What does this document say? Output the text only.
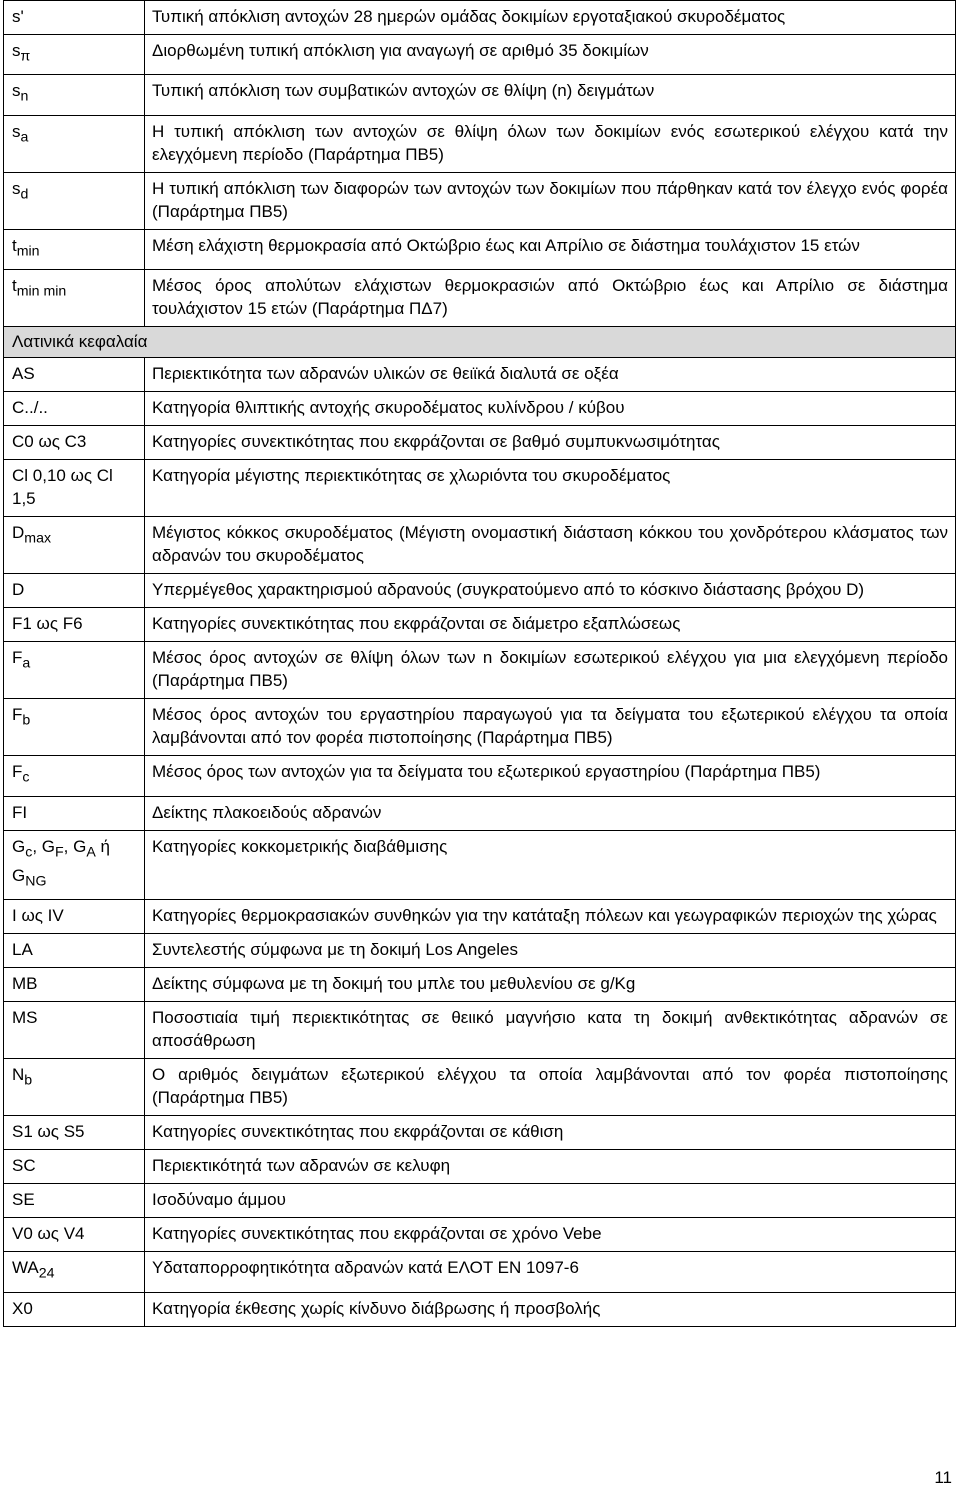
s'	Τυπική απόκλιση αντοχών 28 ημερών ομάδας δοκιμίων εργοταξιακού σκυροδέματος
$s_\pi$	Διορθωμένη τυπική απόκλιση για αναγωγή σε αριθμό 35 δοκιμίων
$s_n$	Τυπική απόκλιση των συμβατικών αντοχών σε θλίψη (n) δειγμάτων
$s_a$	Η τυπική απόκλιση των αντοχών σε θλίψη όλων των δοκιμίων ενός εσωτερικού ελέγχου κατά την ελεγχόμενη περίοδο (Παράρτημα ΠΒ5)
$s_d$	Η τυπική απόκλιση των διαφορών των αντοχών των δοκιμίων που πάρθηκαν κατά τον έλεγχο ενός φορέα (Παράρτημα ΠΒ5)
$t_{min}$	Μέση ελάχιστη θερμοκρασία από Οκτώβριο έως και Απρίλιο σε διάστημα τουλάχιστον 15 ετών
$t_{min min}$	Μέσος όρος απολύτων ελάχιστων θερμοκρασιών από Οκτώβριο έως και Απρίλιο σε διάστημα τουλάχιστον 15 ετών (Παράρτημα ΠΔ7)
Λατινικά κεφαλαία	
AS	Περιεκτικότητα των αδρανών υλικών σε θειϊκά διαλυτά σε οξέα
C../..	Κατηγορία θλιπτικής αντοχής σκυροδέματος κυλίνδρου / κύβου
C0 ως C3	Κατηγορίες συνεκτικότητας που εκφράζονται σε βαθμό συμπυκνωσιμότητας
Cl 0,10 ως Cl 1,5	Κατηγορία μέγιστης περιεκτικότητας σε χλωριόντα του σκυροδέματος
$D_{max}$	Μέγιστος κόκκος σκυροδέματος (Μέγιστη ονομαστική διάσταση κόκκου του χονδρότερου κλάσματος των αδρανών του σκυροδέματος
D	Υπερμέγεθος χαρακτηρισμού αδρανούς (συγκρατούμενο από το κόσκινο διάστασης βρόχου D)
F1 ως F6	Κατηγορίες συνεκτικότητας που εκφράζονται σε διάμετρο εξαπλώσεως
$F_a$	Μέσος όρος αντοχών σε θλίψη όλων των n δοκιμίων εσωτερικού ελέγχου για μια ελεγχόμενη περίοδο (Παράρτημα ΠΒ5)
$F_b$	Μέσος όρος αντοχών του εργαστηρίου παραγωγού για τα δείγματα του εξωτερικού ελέγχου τα οποία λαμβάνονται από τον φορέα πιστοποίησης (Παράρτημα ΠΒ5)
$F_c$	Μέσος όρος των αντοχών για τα δείγματα του εξωτερικού εργαστηρίου (Παράρτημα ΠΒ5)
FI	Δείκτης πλακοειδούς αδρανών
$G_c$, $G_F$, $G_A$ ή $G_{NG}$	Κατηγορίες κοκκομετρικής διαβάθμισης
I ως IV	Κατηγορίες θερμοκρασιακών συνθηκών για την κατάταξη πόλεων και γεωγραφικών περιοχών της χώρας
LA	Συντελεστής σύμφωνα με τη δοκιμή Los Angeles
MB	Δείκτης σύμφωνα με τη δοκιμή του μπλε του μεθυλενίου σε g/Kg
MS	Ποσοστιαία τιμή περιεκτικότητας σε θειικό μαγνήσιο κατα τη δοκιμή ανθεκτικότητας αδρανών σε αποσάθρωση
$N_b$	Ο αριθμός δειγμάτων εξωτερικού ελέγχου τα οποία λαμβάνονται από τον φορέα πιστοποίησης (Παράρτημα ΠΒ5)
S1 ως S5	Κατηγορίες συνεκτικότητας που εκφράζονται σε κάθιση
SC	Περιεκτικότητά των αδρανών σε κελυφη
SE	Ισοδύναμο άμμου
V0 ως V4	Κατηγορίες συνεκτικότητας που εκφράζονται σε χρόνο Vebe
$WA_{24}$	Υδαταπορροφητικότητα αδρανών κατά ΕΛΟΤ ΕΝ 1097-6
X0	Κατηγορία έκθεσης χωρίς κίνδυνο διάβρωσης ή προσβολής
11
